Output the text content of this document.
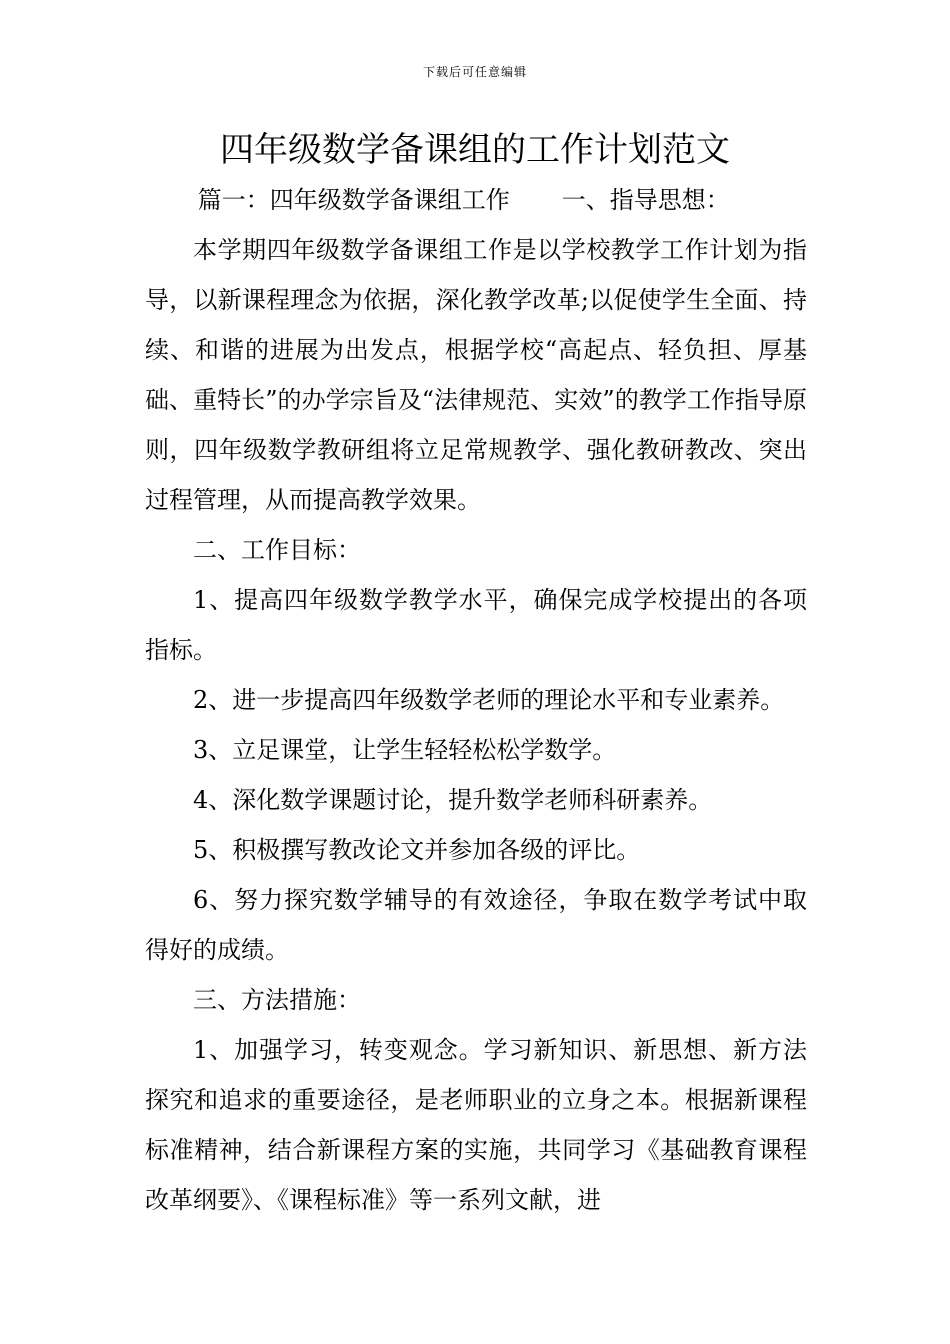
下载后可任意编辑
四年级数学备课组的工作计划范文

篇一：四年级数学备课组工作 一、指导思想：

本学期四年级数学备课组工作是以学校教学工作计划为指导，以新课程理念为依据，深化教学改革;以促使学生全面、持续、和谐的进展为出发点，根据学校“高起点、轻负担、厚基础、重特长”的办学宗旨及“法律规范、实效”的教学工作指导原则，四年级数学教研组将立足常规教学、强化教研教改、突出过程管理，从而提高教学效果。

二、工作目标：

1、提高四年级数学教学水平，确保完成学校提出的各项指标。

2、进一步提高四年级数学老师的理论水平和专业素养。

3、立足课堂，让学生轻轻松松学数学。

4、深化数学课题讨论，提升数学老师科研素养。

5、积极撰写教改论文并参加各级的评比。

6、努力探究数学辅导的有效途径，争取在数学考试中取得好的成绩。

三、方法措施：

1、加强学习，转变观念。学习新知识、新思想、新方法探究和追求的重要途径，是老师职业的立身之本。根据新课程标准精神，结合新课程方案的实施，共同学习《基础教育课程改革纲要》、《课程标准》等一系列文献，进
